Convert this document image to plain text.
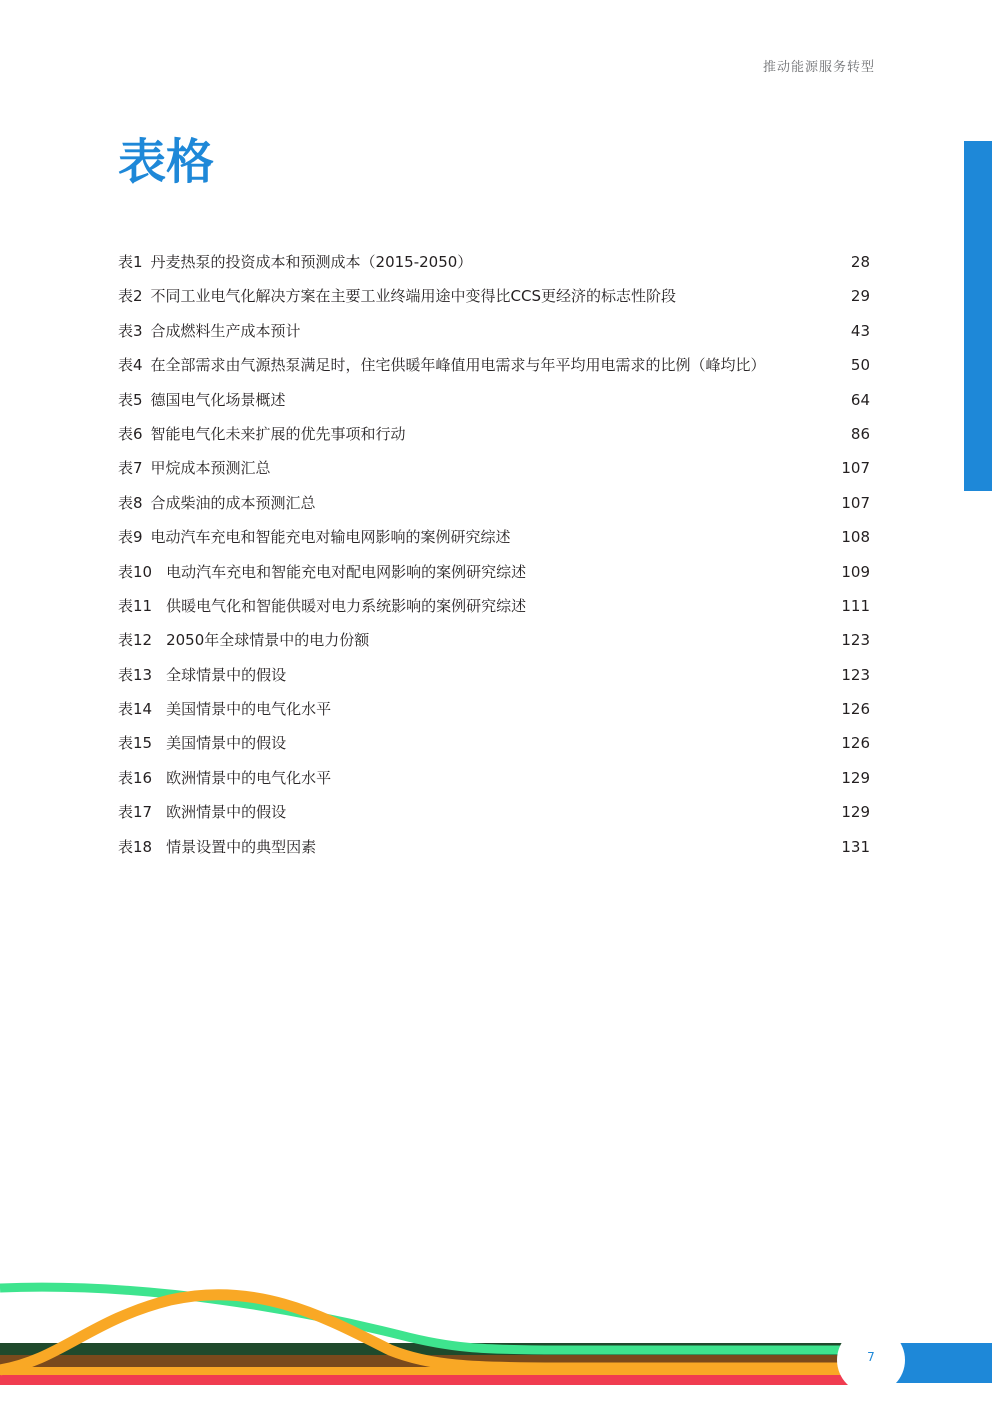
推动能源服务转型
表格
表1 丹麦热泵的投资成本和预测成本（2015-2050）	28
表2 不同工业电气化解决方案在主要工业终端用途中变得比CCS更经济的标志性阶段	29
表3 合成燃料生产成本预计	43
表4 在全部需求由气源热泵满足时，住宅供暖年峰值用电需求与年平均用电需求的比例（峰均比）	50
表5 德国电气化场景概述	64
表6 智能电气化未来扩展的优先事项和行动	86
表7 甲烷成本预测汇总	107
表8 合成柴油的成本预测汇总	107
表9 电动汽车充电和智能充电对输电网影响的案例研究综述	108
表10 电动汽车充电和智能充电对配电网影响的案例研究综述	109
表11 供暖电气化和智能供暖对电力系统影响的案例研究综述	111
表12 2050年全球情景中的电力份额	123
表13 全球情景中的假设	123
表14 美国情景中的电气化水平	126
表15 美国情景中的假设	126
表16 欧洲情景中的电气化水平	129
表17 欧洲情景中的假设	129
表18 情景设置中的典型因素	131
7
